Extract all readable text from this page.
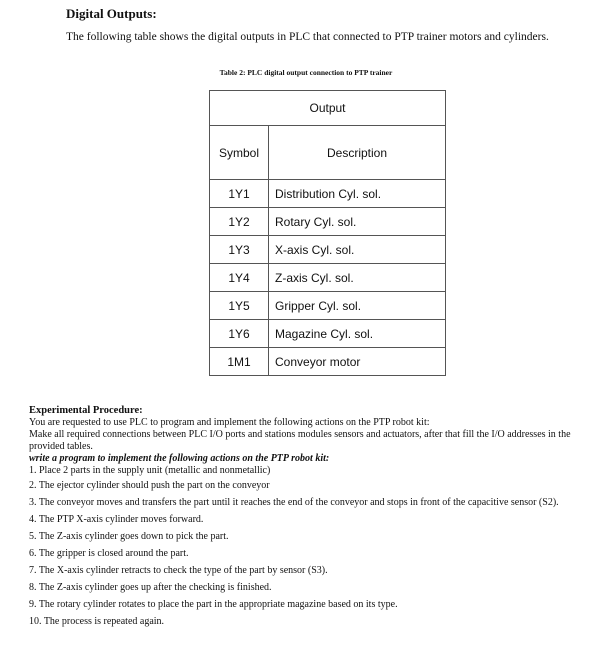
Digital Outputs:
The following table shows the digital outputs in PLC that connected to PTP trainer motors and cylinders.
Table 2: PLC digital output connection to PTP trainer
Output	
Symbol	Description
1Y1	Distribution Cyl. sol.
1Y2	Rotary Cyl. sol.
1Y3	X-axis Cyl. sol.
1Y4	Z-axis Cyl. sol.
1Y5	Gripper Cyl. sol.
1Y6	Magazine Cyl. sol.
1M1	Conveyor motor
Experimental Procedure:
You are requested to use PLC to program and implement the following actions on the PTP robot kit:
Make all required connections between PLC I/O ports and stations modules sensors and actuators, after that fill the I/O addresses in the provided tables.
write a program to implement the following actions on the PTP robot kit:
1. Place 2 parts in the supply unit (metallic and nonmetallic)
2. The ejector cylinder should push the part on the conveyor
3. The conveyor moves and transfers the part until it reaches the end of the conveyor and stops in front of the capacitive sensor (S2).
4. The PTP X-axis cylinder moves forward.
5. The Z-axis cylinder goes down to pick the part.
6. The gripper is closed around the part.
7. The X-axis cylinder retracts to check the type of the part by sensor (S3).
8. The Z-axis cylinder goes up after the checking is finished.
9. The rotary cylinder rotates to place the part in the appropriate magazine based on its type.
10. The process is repeated again.
